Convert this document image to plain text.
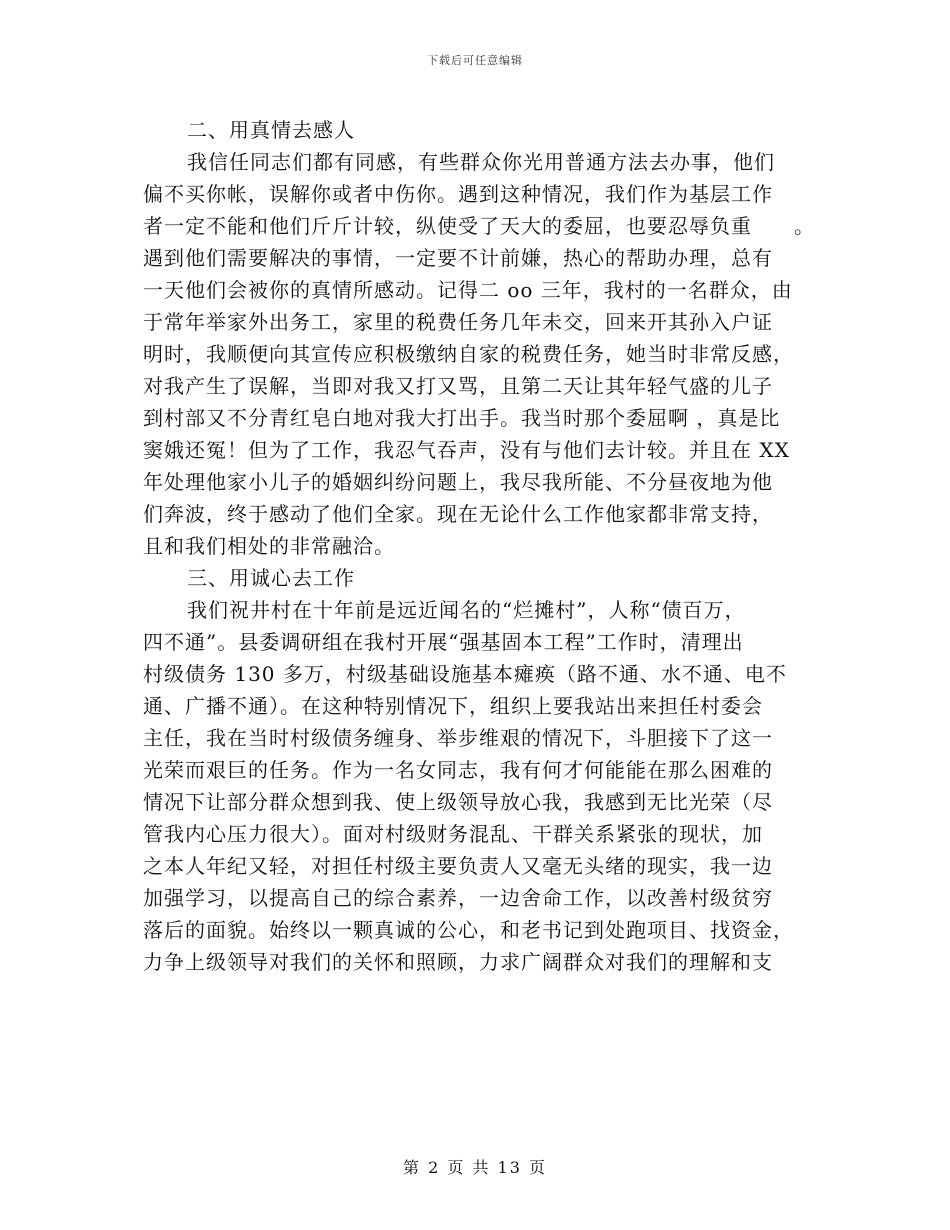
下载后可任意编辑
二、用真情去感人
我信任同志们都有同感，有些群众你光用普通方法去办事，他们
偏不买你帐，误解你或者中伤你。遇到这种情况，我们作为基层工作
者一定不能和他们斤斤计较，纵使受了天大的委屈，也要忍辱负重　　。
遇到他们需要解决的事情，一定要不计前嫌，热心的帮助办理，总有
一天他们会被你的真情所感动。记得二 oo 三年，我村的一名群众，由
于常年举家外出务工，家里的税费任务几年未交，回来开其孙入户证
明时，我顺便向其宣传应积极缴纳自家的税费任务，她当时非常反感，
对我产生了误解，当即对我又打又骂，且第二天让其年轻气盛的儿子
到村部又不分青红皂白地对我大打出手。我当时那个委屈啊 ，真是比
窦娥还冤！但为了工作，我忍气吞声，没有与他们去计较。并且在 XX
年处理他家小儿子的婚姻纠纷问题上，我尽我所能、不分昼夜地为他
们奔波，终于感动了他们全家。现在无论什么工作他家都非常支持，
且和我们相处的非常融洽。
三、用诚心去工作
我们祝井村在十年前是远近闻名的“烂摊村”，人称“债百万，
四不通”。县委调研组在我村开展“强基固本工程”工作时，清理出
村级债务 130 多万，村级基础设施基本瘫痪（路不通、水不通、电不
通、广播不通）。在这种特别情况下，组织上要我站出来担任村委会
主任，我在当时村级债务缠身、举步维艰的情况下，斗胆接下了这一
光荣而艰巨的任务。作为一名女同志，我有何才何能能在那么困难的
情况下让部分群众想到我、使上级领导放心我，我感到无比光荣（尽
管我内心压力很大）。面对村级财务混乱、干群关系紧张的现状，加
之本人年纪又轻，对担任村级主要负责人又毫无头绪的现实，我一边
加强学习，以提高自己的综合素养，一边舍命工作，以改善村级贫穷
落后的面貌。始终以一颗真诚的公心，和老书记到处跑项目、找资金，
力争上级领导对我们的关怀和照顾，力求广阔群众对我们的理解和支
第 2 页 共 13 页
